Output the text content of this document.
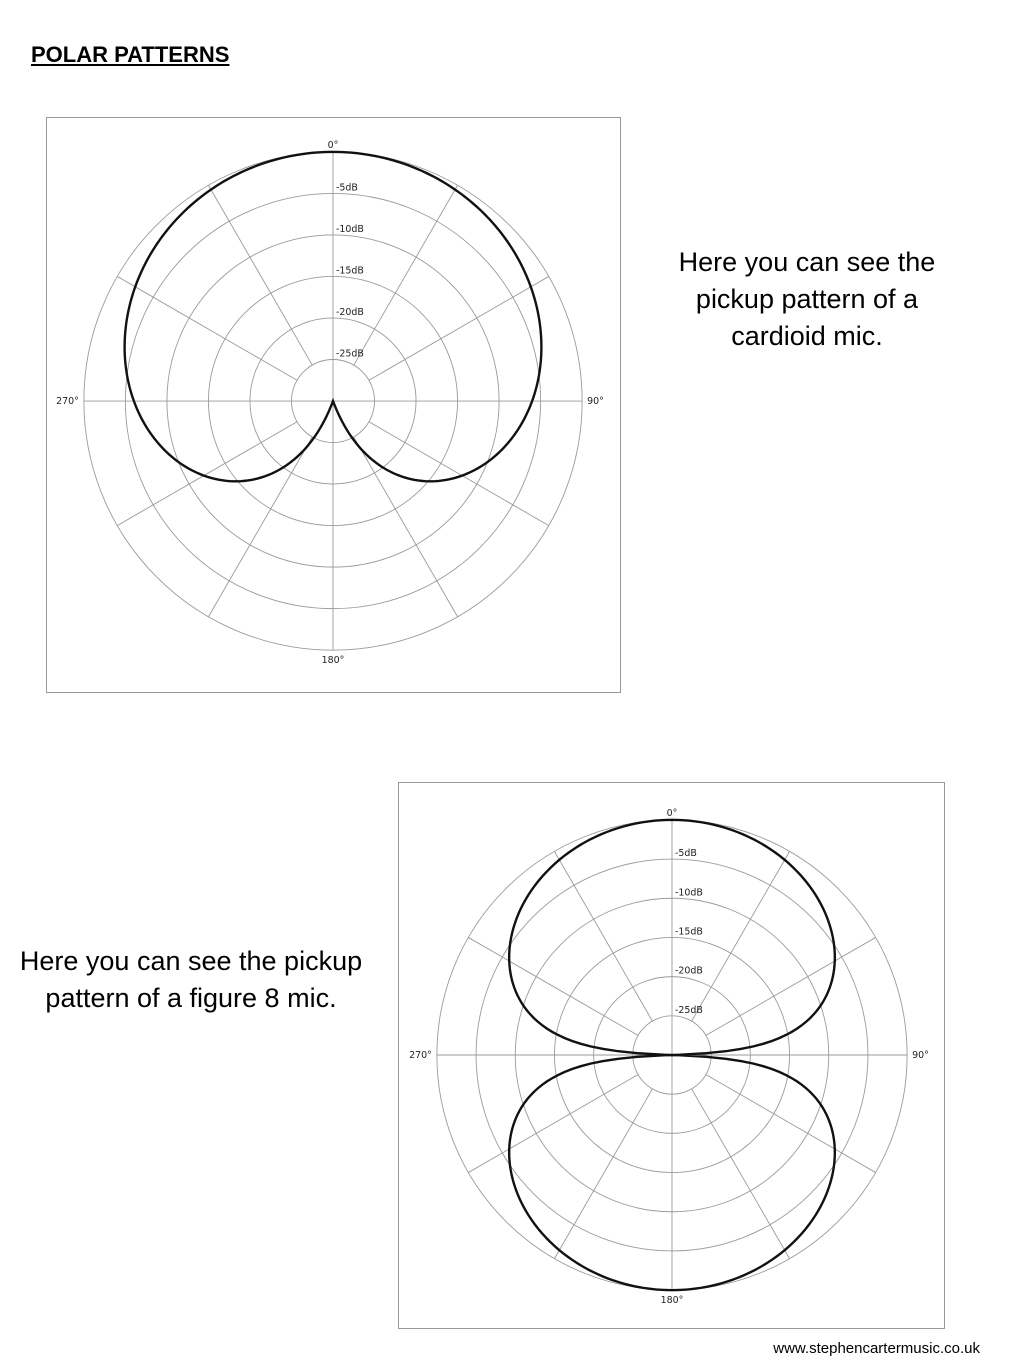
POLAR PATTERNS
-5dB
-10dB
-15dB
-20dB
-25dB
0°
90°
180°
270°

Here you can see the pickup pattern of a cardioid mic.

-5dB
-10dB
-15dB
-20dB
-25dB
0°
90°
180°
270°

Here you can see the pickup pattern of a figure 8 mic.

www.stephencartermusic.co.uk
